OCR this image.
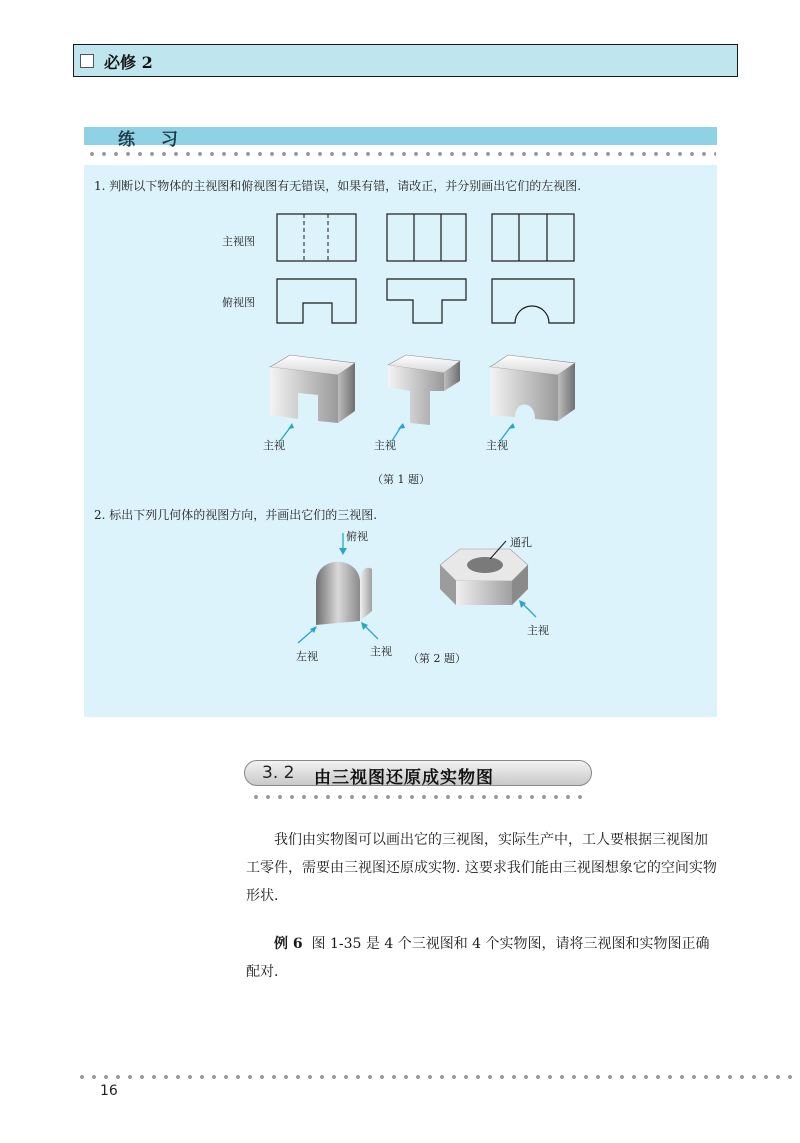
必修 2
练 习
1. 判断以下物体的主视图和俯视图有无错误，如果有错，请改正，并分别画出它们的左视图.
主视图
俯视图
主视	主视	主视
（第 1 题）
2. 标出下列几何体的视图方向，并画出它们的三视图.
俯视	通孔
左视	主视
主视
（第 2 题）
3. 2 由三视图还原成实物图
我们由实物图可以画出它的三视图，实际生产中，工人要根据三视图加工零件，需要由三视图还原成实物. 这要求我们能由三视图想象它的空间实物形状.
例 6 图 1-35 是 4 个三视图和 4 个实物图，请将三视图和实物图正确配对.
16
